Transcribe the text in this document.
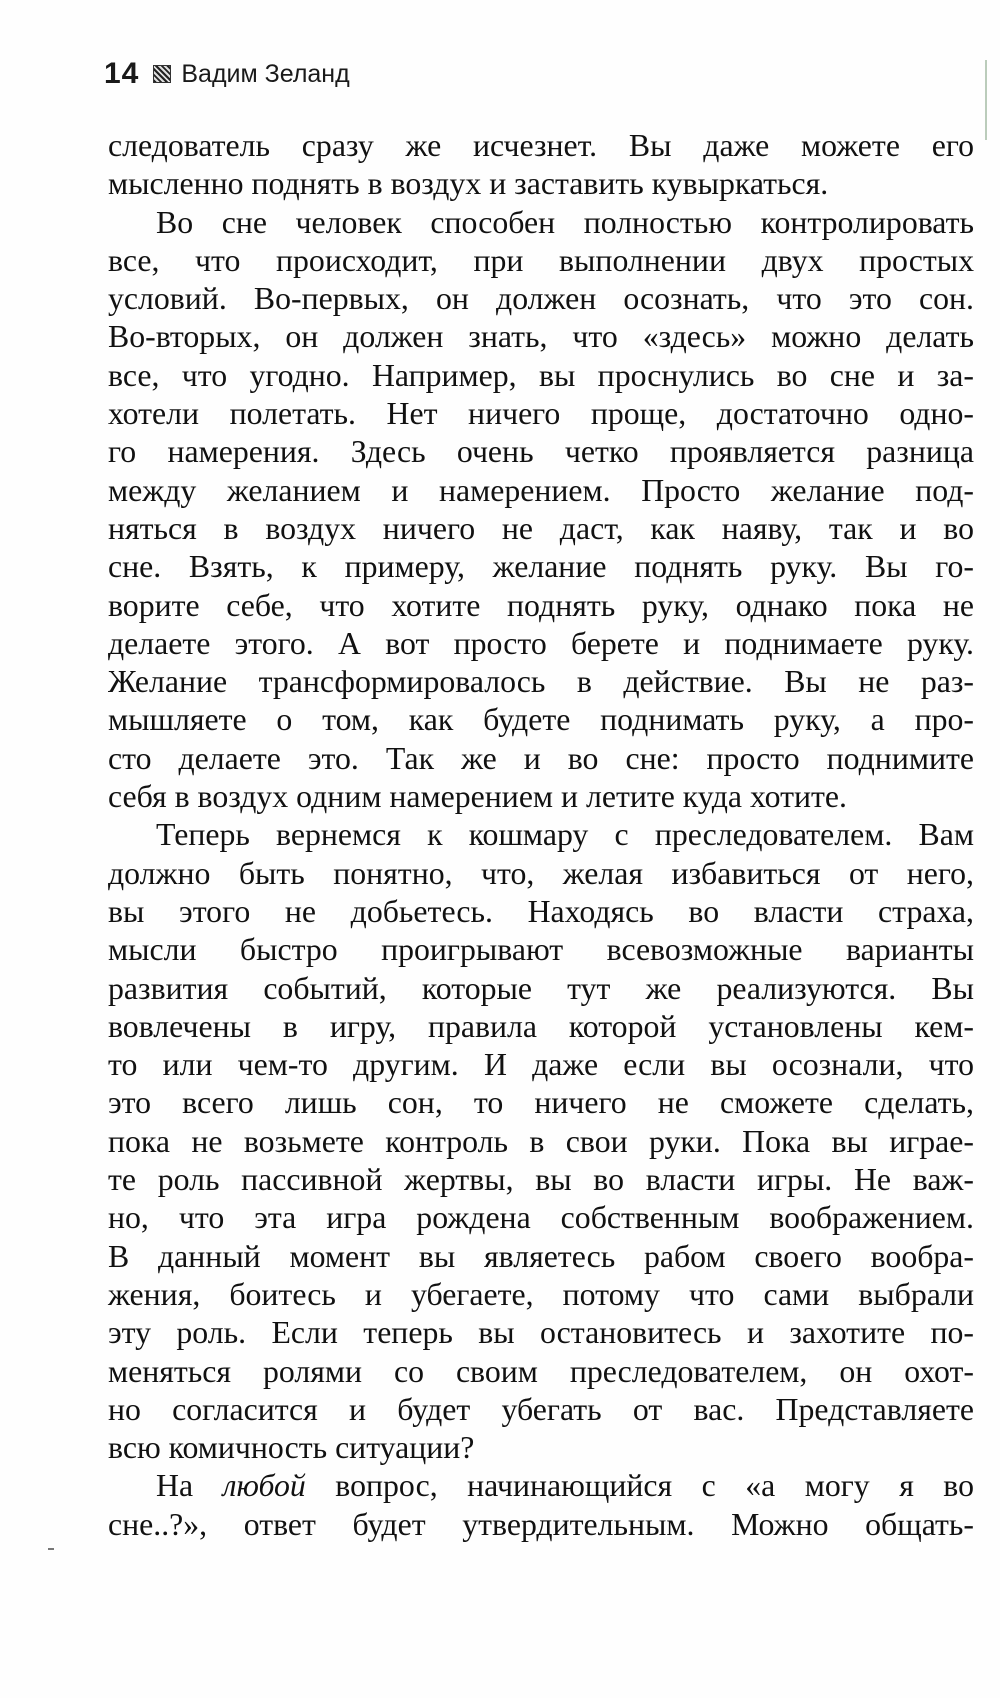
14 Вадим Зеланд
следователь сразу же исчезнет. Вы даже можете его
мысленно поднять в воздух и заставить кувыркаться.
Во сне человек способен полностью контролировать
все, что происходит, при выполнении двух простых
условий. Во-первых, он должен осознать, что это сон.
Во-вторых, он должен знать, что «здесь» можно делать
все, что угодно. Например, вы проснулись во сне и за-
хотели полетать. Нет ничего проще, достаточно одно-
го намерения. Здесь очень четко проявляется разница
между желанием и намерением. Просто желание под-
няться в воздух ничего не даст, как наяву, так и во
сне. Взять, к примеру, желание поднять руку. Вы го-
ворите себе, что хотите поднять руку, однако пока не
делаете этого. А вот просто берете и поднимаете руку.
Желание трансформировалось в действие. Вы не раз-
мышляете о том, как будете поднимать руку, а про-
сто делаете это. Так же и во сне: просто поднимите
себя в воздух одним намерением и летите куда хотите.
Теперь вернемся к кошмару с преследователем. Вам
должно быть понятно, что, желая избавиться от него,
вы этого не добьетесь. Находясь во власти страха,
мысли быстро проигрывают всевозможные варианты
развития событий, которые тут же реализуются. Вы
вовлечены в игру, правила которой установлены кем-
то или чем-то другим. И даже если вы осознали, что
это всего лишь сон, то ничего не сможете сделать,
пока не возьмете контроль в свои руки. Пока вы играе-
те роль пассивной жертвы, вы во власти игры. Не важ-
но, что эта игра рождена собственным воображением.
В данный момент вы являетесь рабом своего вообра-
жения, боитесь и убегаете, потому что сами выбрали
эту роль. Если теперь вы остановитесь и захотите по-
меняться ролями со своим преследователем, он охот-
но согласится и будет убегать от вас. Представляете
всю комичность ситуации?
На любой вопрос, начинающийся с «а могу я во
сне..?», ответ будет утвердительным. Можно общать-
